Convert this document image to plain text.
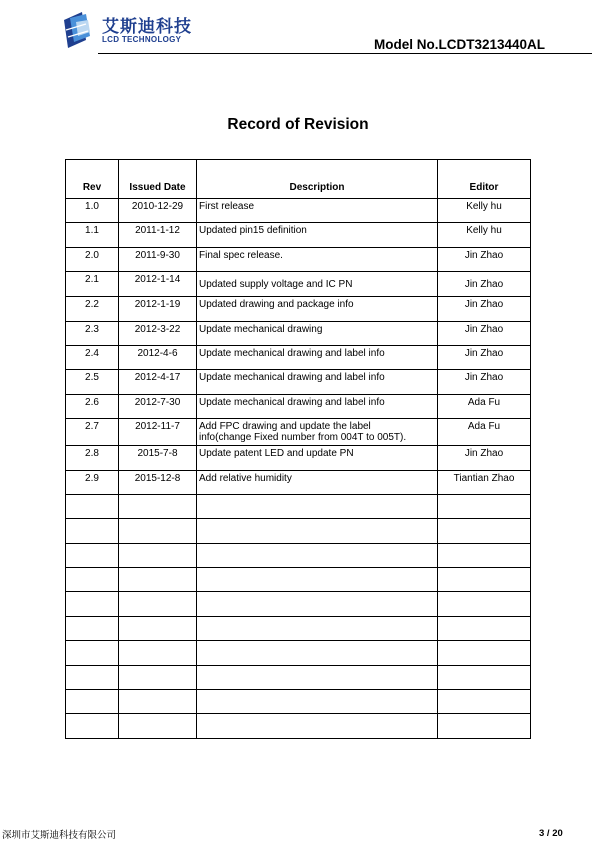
艾斯迪科技
LCD TECHNOLOGY	Model No.LCDT3213440AL
Record of Revision
Rev	Issued Date	Description	Editor
1.0	2010-12-29	First release	Kelly hu
1.1	2011-1-12	Updated pin15 definition	Kelly hu
2.0	2011-9-30	Final spec release.	Jin Zhao
2.1	2012-1-14	Updated supply voltage and IC PN	Jin Zhao
2.2	2012-1-19	Updated drawing and package info	Jin Zhao
2.3	2012-3-22	Update mechanical drawing	Jin Zhao
2.4	2012-4-6	Update mechanical drawing and label info	Jin Zhao
2.5	2012-4-17	Update mechanical drawing and label info	Jin Zhao
2.6	2012-7-30	Update mechanical drawing and label info	Ada Fu
2.7	2012-11-7	Add FPC drawing and update the label
info(change Fixed number from 004T to 005T).	Ada Fu
2.8	2015-7-8	Update patent LED and update PN	Jin Zhao
2.9	2015-12-8	Add relative humidity	Tiantian Zhao

深圳市艾斯迪科技有限公司	3 / 20
